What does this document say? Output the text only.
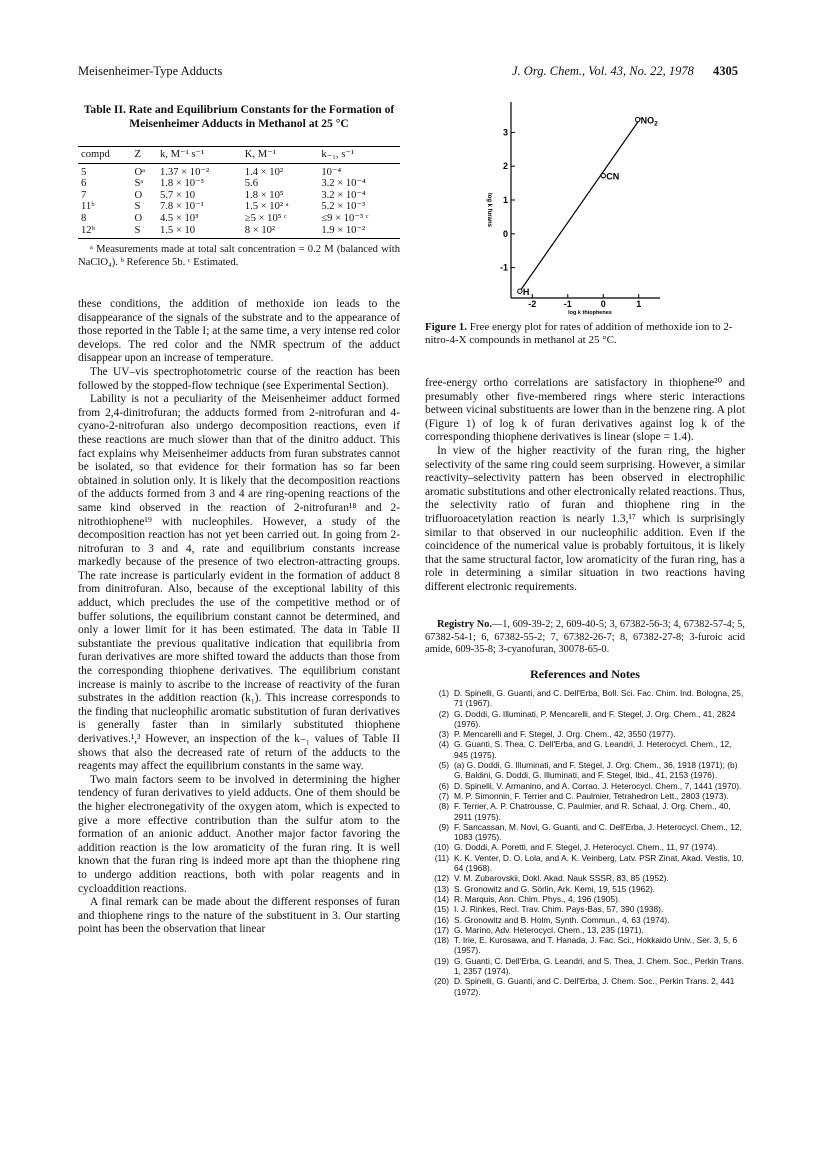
Meisenheimer-Type Adducts	J. Org. Chem., Vol. 43, No. 22, 1978 4305
Table II. Rate and Equilibrium Constants for the Formation of Meisenheimer Adducts in Methanol at 25 °C
compd	Z	k, M⁻¹ s⁻¹	K, M⁻¹	k₋₁, s⁻¹
5	Oᵃ	1.37 × 10⁻²	1.4 × 10²	10⁻⁴
6	Sᵃ	1.8 × 10⁻³	5.6	3.2 × 10⁻⁴
7	O	5.7 × 10	1.8 × 10⁵	3.2 × 10⁻⁴
11ᵇ	S	7.8 × 10⁻¹	1.5 × 10² ᵃ	5.2 × 10⁻³
8	O	4.5 × 10³	≥5 × 10⁵ ᶜ	≤9 × 10⁻³ ᶜ
12ᵇ	S	1.5 × 10	8 × 10²	1.9 × 10⁻²
ᵃ Measurements made at total salt concentration = 0.2 M (balanced with NaClO₄). ᵇ Reference 5b. ᶜ Estimated.

these conditions, the addition of methoxide ion leads to the disappearance of the signals of the substrate and to the appearance of those reported in the Table I; at the same time, a very intense red color develops. The red color and the NMR spectrum of the adduct disappear upon an increase of temperature.

The UV–vis spectrophotometric course of the reaction has been followed by the stopped-flow technique (see Experimental Section).

Lability is not a peculiarity of the Meisenheimer adduct formed from 2,4-dinitrofuran; the adducts formed from 2-nitrofuran and 4-cyano-2-nitrofuran also undergo decomposition reactions, even if these reactions are much slower than that of the dinitro adduct. This fact explains why Meisenheimer adducts from furan substrates cannot be isolated, so that evidence for their formation has so far been obtained in solution only. It is likely that the decomposition reactions of the adducts formed from 3 and 4 are ring-opening reactions of the same kind observed in the reaction of 2-nitrofuran¹⁸ and 2-nitrothiophene¹⁹ with nucleophiles. However, a study of the decomposition reaction has not yet been carried out. In going from 2-nitrofuran to 3 and 4, rate and equilibrium constants increase markedly because of the presence of two electron-attracting groups. The rate increase is particularly evident in the formation of adduct 8 from dinitrofuran. Also, because of the exceptional lability of this adduct, which precludes the use of the competitive method or of buffer solutions, the equilibrium constant cannot be determined, and only a lower limit for it has been estimated. The data in Table II substantiate the previous qualitative indication that equilibria from furan derivatives are more shifted toward the adducts than those from the corresponding thiophene derivatives. The equilibrium constant increase is mainly to ascribe to the increase of reactivity of the furan substrates in the addition reaction (k₁). This increase corresponds to the finding that nucleophilic aromatic substitution of furan derivatives is generally faster than in similarly substituted thiophene derivatives.¹,³ However, an inspection of the k₋₁ values of Table II shows that also the decreased rate of return of the adducts to the reagents may affect the equilibrium constants in the same way.

Two main factors seem to be involved in determining the higher tendency of furan derivatives to yield adducts. One of them should be the higher electronegativity of the oxygen atom, which is expected to give a more effective contribution than the sulfur atom to the formation of an anionic adduct. Another major factor favoring the addition reaction is the low aromaticity of the furan ring. It is well known that the furan ring is indeed more apt than the thiophene ring to undergo addition reactions, both with polar reagents and in cycloaddition reactions.

A final remark can be made about the different responses of furan and thiophene rings to the nature of the substituent in 3. Our starting point has been the observation that linear

-2	-1	0	1
3
2
1
0
-1
H
CN
$NO_2$
log k thiophenes
log k furans
Figure 1. Free energy plot for rates of addition of methoxide ion to 2-nitro-4-X compounds in methanol at 25 °C.

free-energy ortho correlations are satisfactory in thiophene²⁰ and presumably other five-membered rings where steric interactions between vicinal substituents are lower than in the benzene ring. A plot (Figure 1) of log k of furan derivatives against log k of the corresponding thiophene derivatives is linear (slope = 1.4).

In view of the higher reactivity of the furan ring, the higher selectivity of the same ring could seem surprising. However, a similar reactivity–selectivity pattern has been observed in electrophilic aromatic substitutions and other electronically related reactions. Thus, the selectivity ratio of furan and thiophene ring in the trifluoroacetylation reaction is nearly 1.3,¹⁷ which is surprisingly similar to that observed in our nucleophilic addition. Even if the coincidence of the numerical value is probably fortuitous, it is likely that the same structural factor, low aromaticity of the furan ring, has a role in determining a similar situation in two reactions having different electronic requirements.

Registry No.—1, 609-39-2; 2, 609-40-5; 3, 67382-56-3; 4, 67382-57-4; 5, 67382-54-1; 6, 67382-55-2; 7, 67382-26-7; 8, 67382-27-8; 3-furoic acid amide, 609-35-8; 3-cyanofuran, 30078-65-0.
References and Notes
(1) D. Spinelli, G. Guanti, and C. Dell'Erba, Boll. Sci. Fac. Chim. Ind. Bologna, 25, 71 (1967).
(2) G. Doddi, G. Illuminati, P. Mencarelli, and F. Stegel, J. Org. Chem., 41, 2824 (1976).
(3) P. Mencarelli and F. Stegel, J. Org. Chem., 42, 3550 (1977).
(4) G. Guanti, S. Thea, C. Dell'Erba, and G. Leandri, J. Heterocycl. Chem., 12, 945 (1975).
(5) (a) G. Doddi, G. Illuminati, and F. Stegel, J. Org. Chem., 36, 1918 (1971); (b) G. Baldini, G. Doddi, G. Illuminati, and F. Stegel, Ibid., 41, 2153 (1976).
(6) D. Spinelli, V. Armanino, and A. Corrao, J. Heterocycl. Chem., 7, 1441 (1970).
(7) M. P. Simonnin, F. Terrier and C. Paulmier, Tetrahedron Lett., 2803 (1973).
(8) F. Terrier, A. P. Chatrousse, C. Paulmier, and R. Schaal, J. Org. Chem., 40, 2911 (1975).
(9) F. Sancassan, M. Novi, G. Guanti, and C. Dell'Erba, J. Heterocycl. Chem., 12, 1083 (1975).
(10) G. Doddi, A. Poretti, and F. Stegel, J. Heterocycl. Chem., 11, 97 (1974).
(11) K. K. Venter, D. O. Lola, and A. K. Veinberg, Latv. PSR Zinat. Akad. Vestis, 10, 64 (1968).
(12) V. M. Zubarovskii, Dokl. Akad. Nauk SSSR, 83, 85 (1952).
(13) S. Gronowitz and G. Sörlin, Ark. Kemi, 19, 515 (1962).
(14) R. Marquis, Ann. Chim. Phys., 4, 196 (1905).
(15) I. J. Rinkes, Recl. Trav. Chim. Pays-Bas, 57, 390 (1938).
(16) S. Gronowitz and B. Holm, Synth. Commun., 4, 63 (1974).
(17) G. Marino, Adv. Heterocycl. Chem., 13, 235 (1971).
(18) T. Irie, E. Kurosawa, and T. Hanada, J. Fac. Sci., Hokkaido Univ., Ser. 3, 5, 6 (1957).
(19) G. Guanti, C. Dell'Erba, G. Leandri, and S. Thea, J. Chem. Soc., Perkin Trans. 1, 2357 (1974).
(20) D. Spinelli, G. Guanti, and C. Dell'Erba, J. Chem. Soc., Perkin Trans. 2, 441 (1972).
